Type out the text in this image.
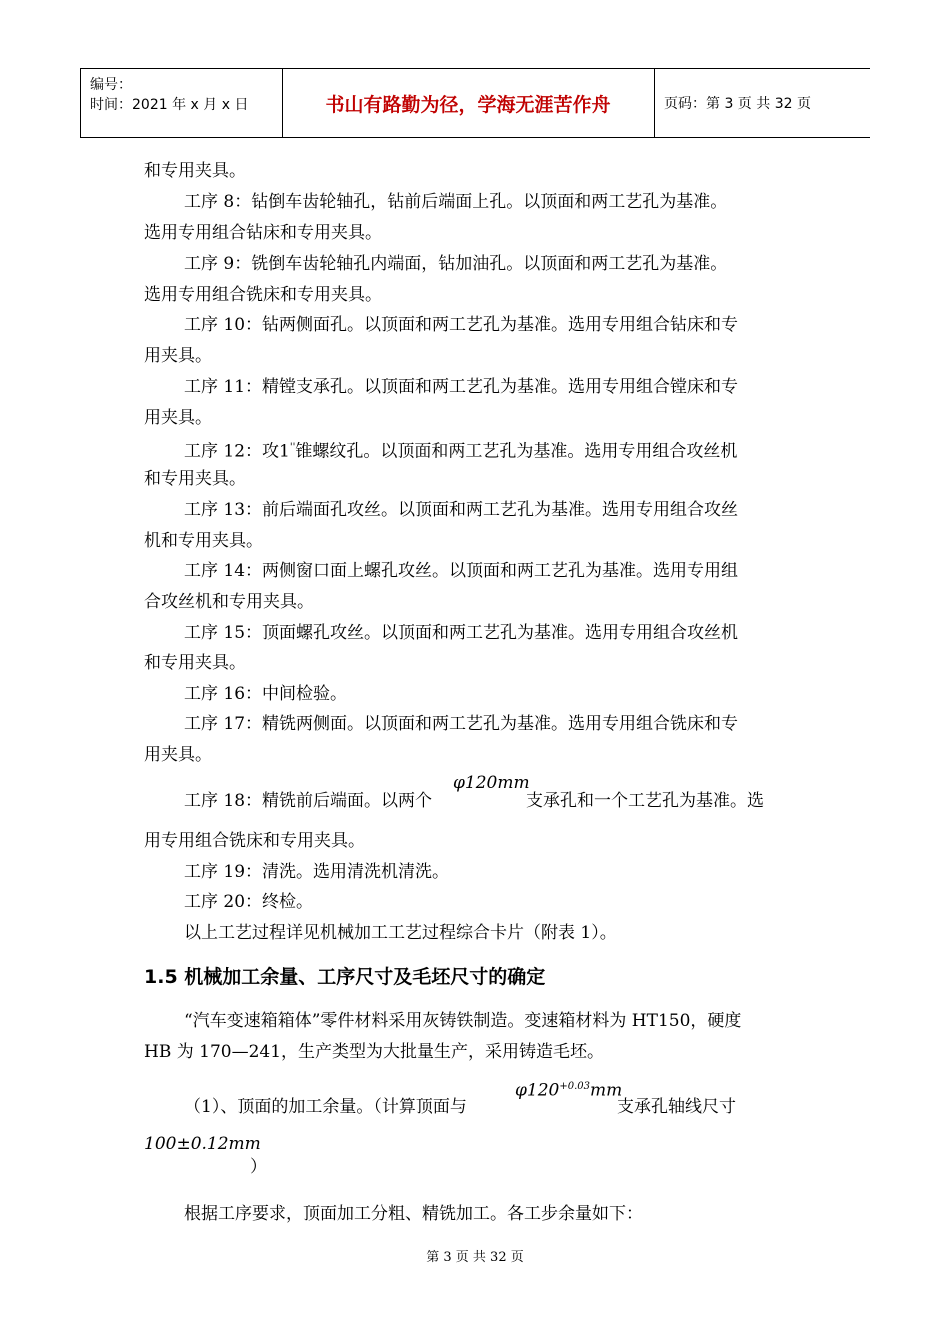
编号：
时间：2021 年 x 月 x 日	书山有路勤为径，学海无涯苦作舟	页码：第 3 页 共 32 页
和专用夹具。
工序 8：钻倒车齿轮轴孔，钻前后端面上孔。以顶面和两工艺孔为基准。
选用专用组合钻床和专用夹具。
工序 9：铣倒车齿轮轴孔内端面，钻加油孔。以顶面和两工艺孔为基准。
选用专用组合铣床和专用夹具。
工序 10：钻两侧面孔。以顶面和两工艺孔为基准。选用专用组合钻床和专
用夹具。
工序 11：精镗支承孔。以顶面和两工艺孔为基准。选用专用组合镗床和专
用夹具。
工序 12：攻1''锥螺纹孔。以顶面和两工艺孔为基准。选用专用组合攻丝机
和专用夹具。
工序 13：前后端面孔攻丝。以顶面和两工艺孔为基准。选用专用组合攻丝
机和专用夹具。
工序 14：两侧窗口面上螺孔攻丝。以顶面和两工艺孔为基准。选用专用组
合攻丝机和专用夹具。
工序 15：顶面螺孔攻丝。以顶面和两工艺孔为基准。选用专用组合攻丝机
和专用夹具。
工序 16：中间检验。
工序 17：精铣两侧面。以顶面和两工艺孔为基准。选用专用组合铣床和专
用夹具。
工序 18：精铣前后端面。以两个
φ120mm
支承孔和一个工艺孔为基准。选
用专用组合铣床和专用夹具。
工序 19：清洗。选用清洗机清洗。
工序 20：终检。
以上工艺过程详见机械加工工艺过程综合卡片（附表 1）。
1.5 机械加工余量、工序尺寸及毛坯尺寸的确定
“汽车变速箱箱体”零件材料采用灰铸铁制造。变速箱材料为 HT150，硬度
HB 为 170—241，生产类型为大批量生产，采用铸造毛坯。
（1）、顶面的加工余量。（计算顶面与
$\varphi 120^{+0.03}mm$
支承孔轴线尺寸
100±0.12mm
）
根据工序要求，顶面加工分粗、精铣加工。各工步余量如下：
第 3 页 共 32 页
